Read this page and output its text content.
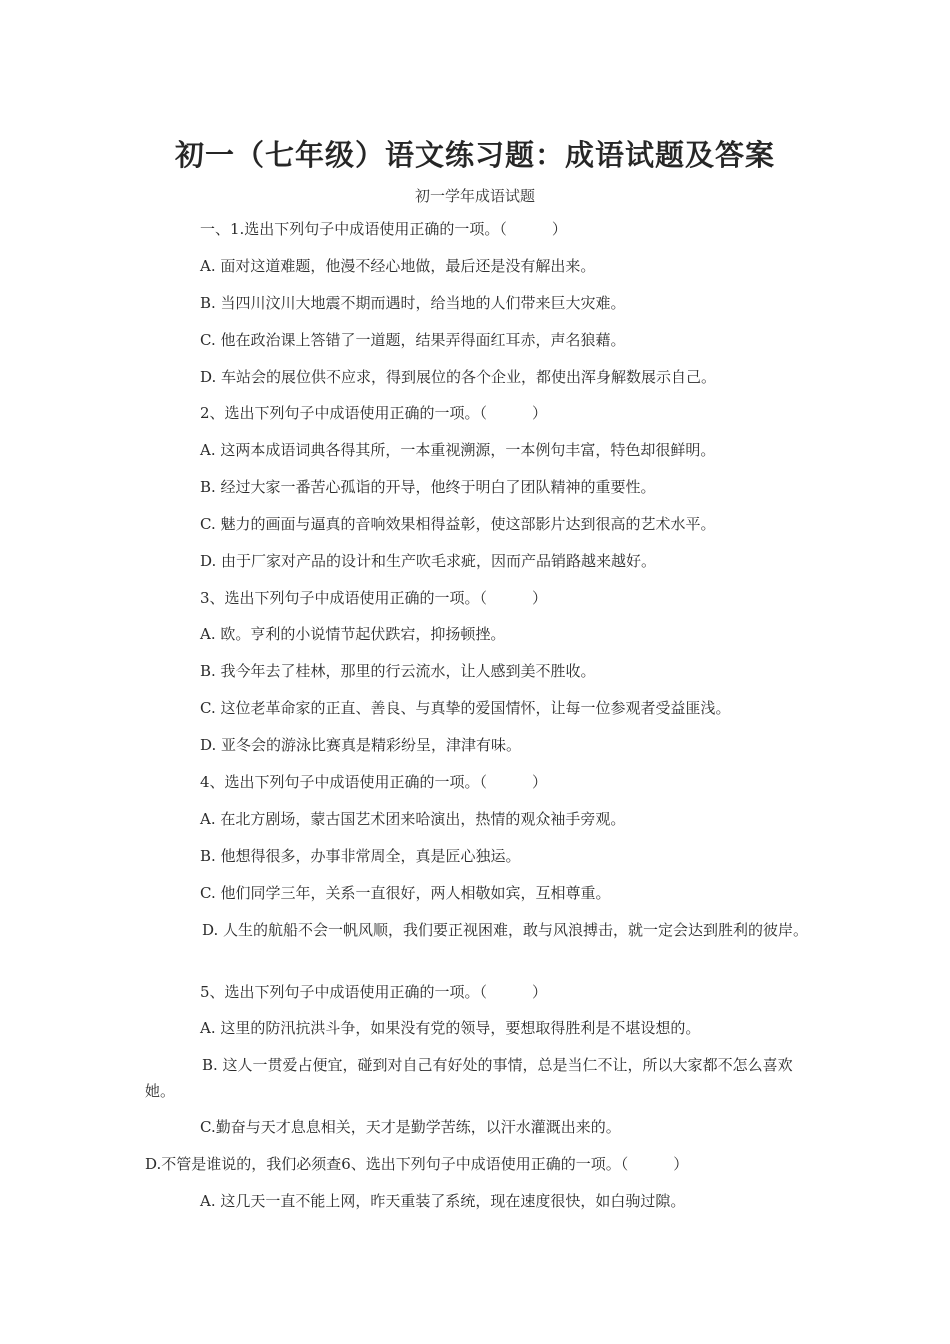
初一（七年级）语文练习题：成语试题及答案
初一学年成语试题
一、1.选出下列句子中成语使用正确的一项。（　　　）
A. 面对这道难题，他漫不经心地做，最后还是没有解出来。
B. 当四川汶川大地震不期而遇时，给当地的人们带来巨大灾难。
C. 他在政治课上答错了一道题，结果弄得面红耳赤，声名狼藉。
D. 车站会的展位供不应求，得到展位的各个企业，都使出浑身解数展示自己。
2、选出下列句子中成语使用正确的一项。（　　　）
A. 这两本成语词典各得其所，一本重视溯源，一本例句丰富，特色却很鲜明。
B. 经过大家一番苦心孤诣的开导，他终于明白了团队精神的重要性。
C. 魅力的画面与逼真的音响效果相得益彰，使这部影片达到很高的艺术水平。
D. 由于厂家对产品的设计和生产吹毛求疵，因而产品销路越来越好。
3、选出下列句子中成语使用正确的一项。（　　　）
A. 欧。亨利的小说情节起伏跌宕，抑扬顿挫。
B. 我今年去了桂林，那里的行云流水，让人感到美不胜收。
C. 这位老革命家的正直、善良、与真挚的爱国情怀，让每一位参观者受益匪浅。
D. 亚冬会的游泳比赛真是精彩纷呈，津津有味。
4、选出下列句子中成语使用正确的一项。（　　　）
A. 在北方剧场，蒙古国艺术团来哈演出，热情的观众袖手旁观。
B. 他想得很多，办事非常周全，真是匠心独运。
C. 他们同学三年，关系一直很好，两人相敬如宾，互相尊重。
D. 人生的航船不会一帆风顺，我们要正视困难，敢与风浪搏击，就一定会达到胜利的彼岸。
5、选出下列句子中成语使用正确的一项。（　　　）
A. 这里的防汛抗洪斗争，如果没有党的领导，要想取得胜利是不堪设想的。
B. 这人一贯爱占便宜，碰到对自己有好处的事情，总是当仁不让，所以大家都不怎么喜欢她。
C.勤奋与天才息息相关，天才是勤学苦练，以汗水灌溉出来的。
D.不管是谁说的，我们必须查6、选出下列句子中成语使用正确的一项。（　　　）
A. 这几天一直不能上网，昨天重装了系统，现在速度很快，如白驹过隙。
